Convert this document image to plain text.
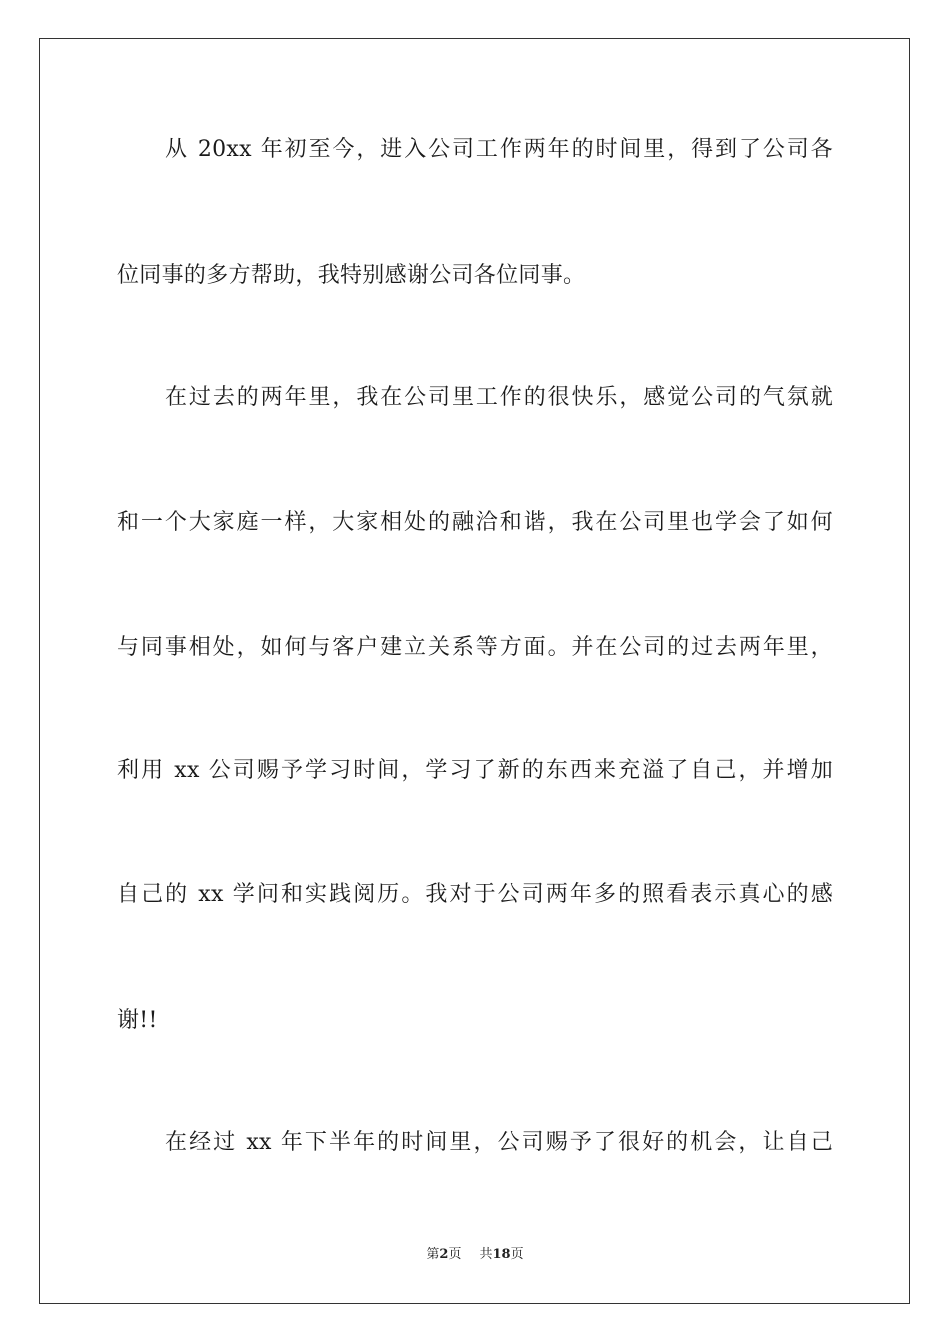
从 20xx 年初至今，进入公司工作两年的时间里，得到了公司各
位同事的多方帮助，我特别感谢公司各位同事。
在过去的两年里，我在公司里工作的很快乐，感觉公司的气氛就
和一个大家庭一样，大家相处的融洽和谐，我在公司里也学会了如何
与同事相处，如何与客户建立关系等方面。并在公司的过去两年里，
利用 xx 公司赐予学习时间，学习了新的东西来充溢了自己，并增加
自己的 xx 学问和实践阅历。我对于公司两年多的照看表示真心的感
谢!!
在经过 xx 年下半年的时间里，公司赐予了很好的机会，让自己
第2页 共18页
